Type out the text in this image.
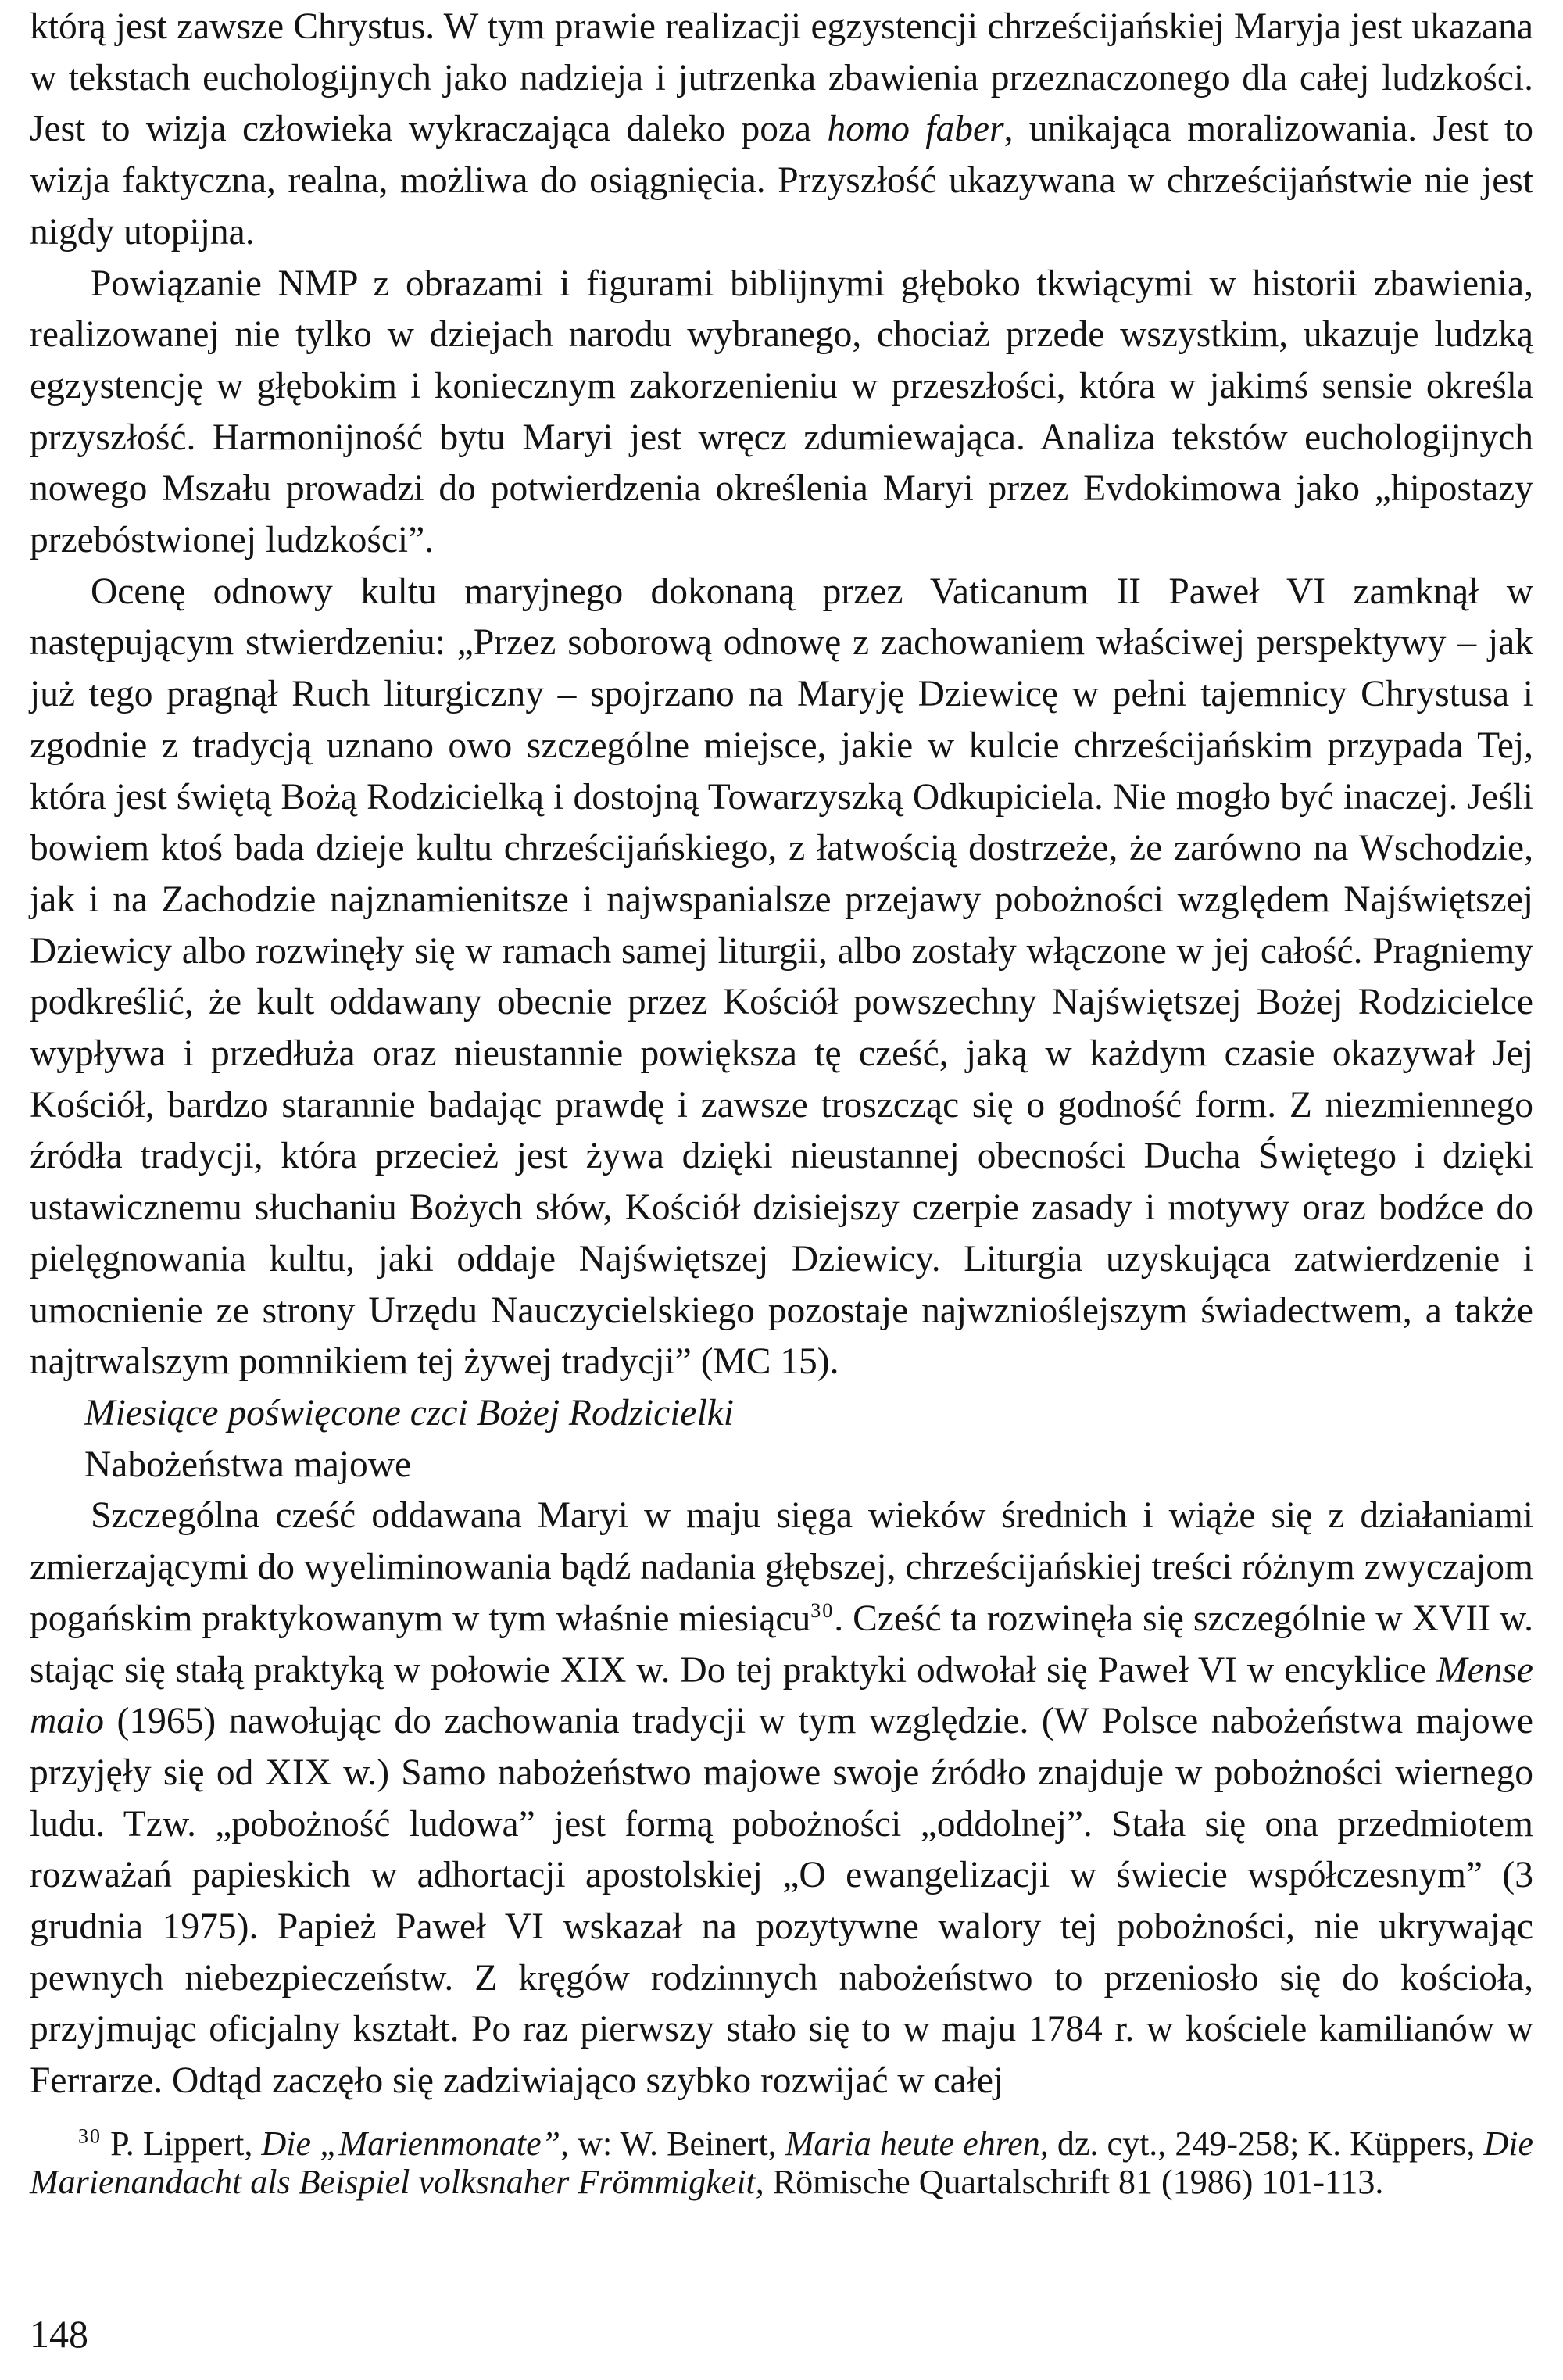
którą jest zawsze Chrystus. W tym prawie realizacji egzystencji chrześcijańskiej Maryja jest ukazana w tekstach euchologijnych jako nadzieja i jutrzenka zbawienia przeznaczonego dla całej ludzkości. Jest to wizja człowieka wykraczająca daleko poza homo faber, unikająca moralizowania. Jest to wizja faktyczna, realna, możliwa do osiągnięcia. Przyszłość ukazywana w chrześcijaństwie nie jest nigdy utopijna.

Powiązanie NMP z obrazami i figurami biblijnymi głęboko tkwiącymi w historii zbawienia, realizowanej nie tylko w dziejach narodu wybranego, chociaż przede wszystkim, ukazuje ludzką egzystencję w głębokim i koniecznym zakorzenieniu w przeszłości, która w jakimś sensie określa przyszłość. Harmonijność bytu Maryi jest wręcz zdumiewająca. Analiza tekstów euchologijnych nowego Mszału prowadzi do potwierdzenia określenia Maryi przez Evdokimowa jako „hipostazy przebóstwionej ludzkości”.

Ocenę odnowy kultu maryjnego dokonaną przez Vaticanum II Paweł VI zamknął w następującym stwierdzeniu: „Przez soborową odnowę z zachowaniem właściwej perspektywy – jak już tego pragnął Ruch liturgiczny – spojrzano na Maryję Dziewicę w pełni tajemnicy Chrystusa i zgodnie z tradycją uznano owo szczególne miejsce, jakie w kulcie chrześcijańskim przypada Tej, która jest świętą Bożą Rodzicielką i dostojną Towarzyszką Odkupiciela. Nie mogło być inaczej. Jeśli bowiem ktoś bada dzieje kultu chrześcijańskiego, z łatwością dostrzeże, że zarówno na Wschodzie, jak i na Zachodzie najznamienitsze i najwspanialsze przejawy pobożności względem Najświętszej Dziewicy albo rozwinęły się w ramach samej liturgii, albo zostały włączone w jej całość. Pragniemy podkreślić, że kult oddawany obecnie przez Kościół powszechny Najświętszej Bożej Rodzicielce wypływa i przedłuża oraz nieustannie powiększa tę cześć, jaką w każdym czasie okazywał Jej Kościół, bardzo starannie badając prawdę i zawsze troszcząc się o godność form. Z niezmiennego źródła tradycji, która przecież jest żywa dzięki nieustannej obecności Ducha Świętego i dzięki ustawicznemu słuchaniu Bożych słów, Kościół dzisiejszy czerpie zasady i motywy oraz bodźce do pielęgnowania kultu, jaki oddaje Najświętszej Dziewicy. Liturgia uzyskująca zatwierdzenie i umocnienie ze strony Urzędu Nauczycielskiego pozostaje najwznioślejszym świadectwem, a także najtrwalszym pomnikiem tej żywej tradycji” (MC 15).

Miesiące poświęcone czci Bożej Rodzicielki

Nabożeństwa majowe

Szczególna cześć oddawana Maryi w maju sięga wieków średnich i wiąże się z działaniami zmierzającymi do wyeliminowania bądź nadania głębszej, chrześcijańskiej treści różnym zwyczajom pogańskim praktykowanym w tym właśnie miesiącu$^{30}$. Cześć ta rozwinęła się szczególnie w XVII w. stając się stałą praktyką w połowie XIX w. Do tej praktyki odwołał się Paweł VI w encyklice Mense maio (1965) nawołując do zachowania tradycji w tym względzie. (W Polsce nabożeństwa majowe przyjęły się od XIX w.) Samo nabożeństwo majowe swoje źródło znajduje w pobożności wiernego ludu. Tzw. „pobożność ludowa” jest formą pobożności „oddolnej”. Stała się ona przedmiotem rozważań papieskich w adhortacji apostolskiej „O ewangelizacji w świecie współczesnym” (3 grudnia 1975). Papież Paweł VI wskazał na pozytywne walory tej pobożności, nie ukrywając pewnych niebezpieczeństw. Z kręgów rodzinnych nabożeństwo to przeniosło się do kościoła, przyjmując oficjalny kształt. Po raz pierwszy stało się to w maju 1784 r. w kościele kamilianów w Ferrarze. Odtąd zaczęło się zadziwiająco szybko rozwijać w całej

$^{30}$ P. Lippert, Die „Marienmonate”, w: W. Beinert, Maria heute ehren, dz. cyt., 249-258; K. Küppers, Die Marienandacht als Beispiel volksnaher Frömmigkeit, Römische Quartalschrift 81 (1986) 101-113.

148
